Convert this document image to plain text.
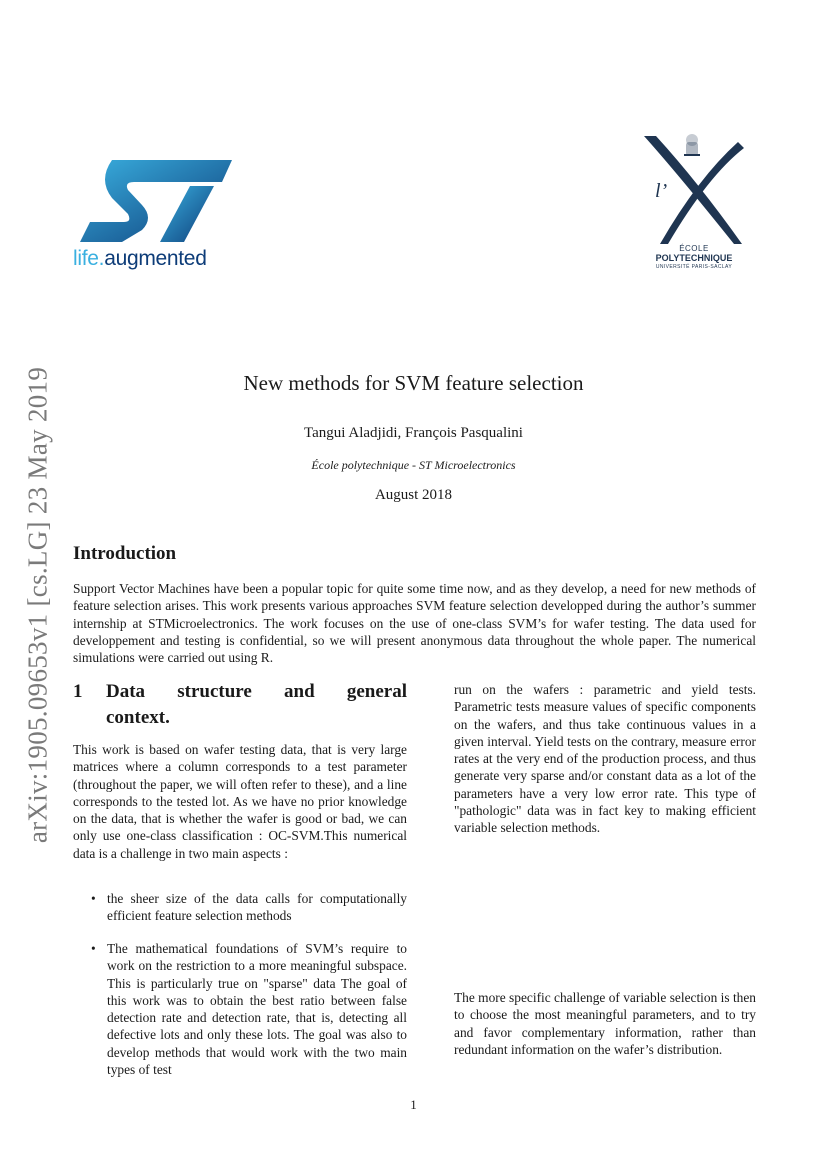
arXiv:1905.09653v1 [cs.LG] 23 May 2019
life.augmented
l’
ÉCOLE
POLYTECHNIQUE
UNIVERSITÉ PARIS-SACLAY
New methods for SVM feature selection
Tangui Aladjidi, François Pasqualini
École polytechnique - ST Microelectronics
August 2018
Introduction
Support Vector Machines have been a popular topic for quite some time now, and as they develop, a need for new methods of feature selection arises. This work presents various approaches SVM feature selection developped during the author’s summer internship at STMicroelectronics. The work focuses on the use of one-class SVM’s for wafer testing. The data used for developpement and testing is confidential, so we will present anonymous data throughout the whole paper. The numerical simulations were carried out using R.
1 Data structure and general
context.
This work is based on wafer testing data, that is very large matrices where a column corresponds to a test parameter (throughout the paper, we will often refer to these), and a line corresponds to the tested lot. As we have no prior knowledge on the data, that is whether the wafer is good or bad, we can only use one-class classification : OC-SVM.This numerical data is a challenge in two main aspects :
• the sheer size of the data calls for computationally efficient feature selection methods
• The mathematical foundations of SVM’s require to work on the restriction to a more meaningful subspace. This is particularly true on "sparse" data The goal of this work was to obtain the best ratio between false detection rate and detection rate, that is, detecting all defective lots and only these lots. The goal was also to develop methods that would work with the two main types of test
run on the wafers : parametric and yield tests. Parametric tests measure values of specific components on the wafers, and thus take continuous values in a given interval. Yield tests on the contrary, measure error rates at the very end of the production process, and thus generate very sparse and/or constant data as a lot of the parameters have a very low error rate. This type of "pathologic" data was in fact key to making efficient variable selection methods.
The more specific challenge of variable selection is then to choose the most meaningful parameters, and to try and favor complementary information, rather than redundant information on the wafer’s distribution.
1
